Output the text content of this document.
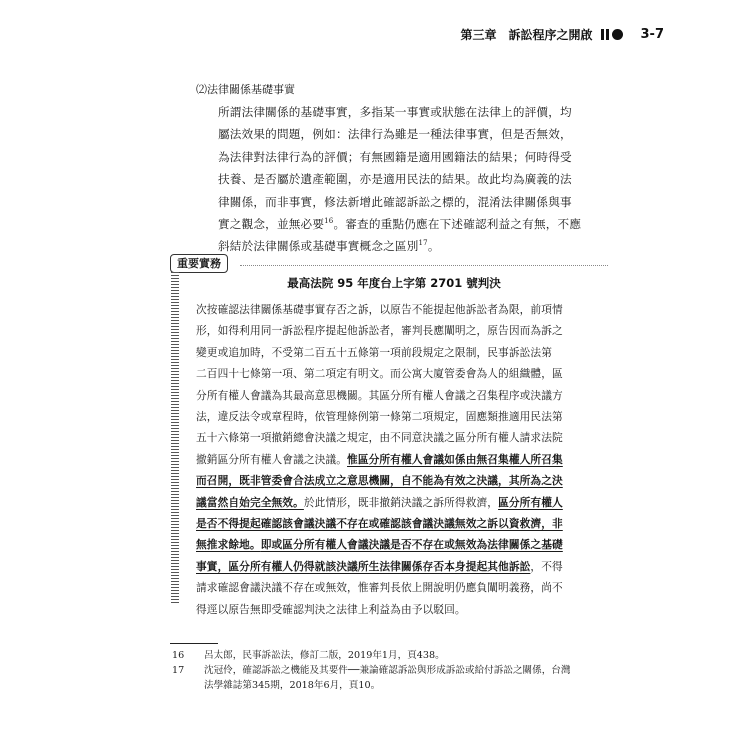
第三章 訴訟程序之開啟	3-7
⑵法律關係基礎事實
所謂法律關係的基礎事實，多指某一事實或狀態在法律上的評價，均
屬法效果的問題，例如：法律行為雖是一種法律事實，但是否無效，
為法律對法律行為的評價；有無國籍是適用國籍法的結果；何時得受
扶養、是否屬於遺產範圍，亦是適用民法的結果。故此均為廣義的法
律關係，而非事實，修法新增此確認訴訟之標的，混淆法律關係與事
實之觀念，並無必要$^{16}$。審查的重點仍應在下述確認利益之有無，不應
斜結於法律關係或基礎事實概念之區別$^{17}$。
重要實務
最高法院 95 年度台上字第 2701 號判決
次按確認法律關係基礎事實存否之訴，以原告不能提起他訴訟者為限，前項情
形，如得利用同一訴訟程序提起他訴訟者，審判長應闡明之，原告因而為訴之
變更或追加時，不受第二百五十五條第一項前段規定之限制，民事訴訟法第
二百四十七條第一項、第二項定有明文。而公寓大廈管委會為人的組織體，區
分所有權人會議為其最高意思機關。其區分所有權人會議之召集程序或決議方
法，違反法令或章程時，依管理條例第一條第二項規定，固應類推適用民法第
五十六條第一項撤銷總會決議之規定，由不同意決議之區分所有權人請求法院
撤銷區分所有權人會議之決議。惟區分所有權人會議如係由無召集權人所召集
而召開，既非管委會合法成立之意思機關，自不能為有效之決議，其所為之決
議當然自始完全無效。於此情形，既非撤銷決議之訴所得救濟，區分所有權人
是否不得提起確認該會議決議不存在或確認該會議決議無效之訴以資救濟，非
無推求餘地。即或區分所有權人會議決議是否不存在或無效為法律關係之基礎
事實，區分所有權人仍得就該決議所生法律關係存否本身提起其他訴訟，不得
請求確認會議決議不存在或無效，惟審判長依上開說明仍應負闡明義務，尚不
得逕以原告無即受確認判決之法律上利益為由予以駁回。
16	呂太郎，民事訴訟法，修訂二版，2019年1月，頁438。
17	沈冠伶，確認訴訟之機能及其要件──兼論確認訴訟與形成訴訟或給付訴訟之關係，台灣
法學雜誌第345期，2018年6月，頁10。
